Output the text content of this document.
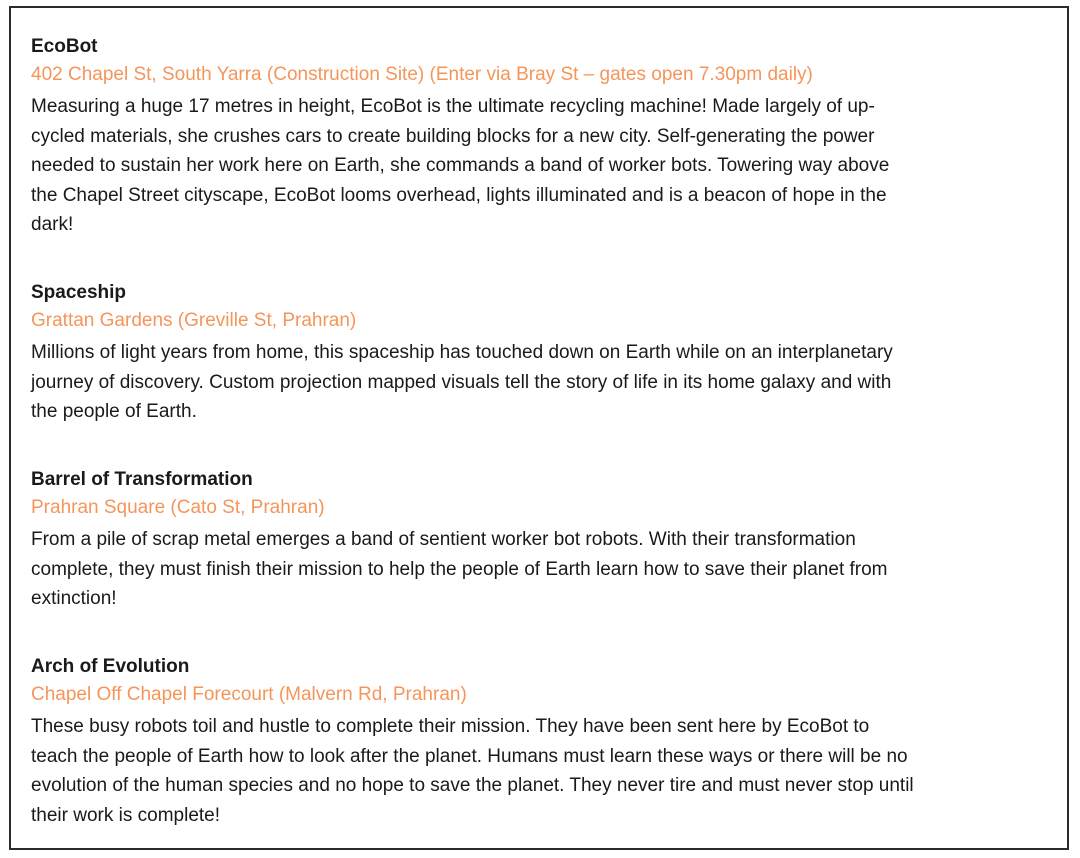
EcoBot
402 Chapel St, South Yarra (Construction Site) (Enter via Bray St – gates open 7.30pm daily)
Measuring a huge 17 metres in height, EcoBot is the ultimate recycling machine! Made largely of up-
cycled materials, she crushes cars to create building blocks for a new city. Self-generating the power
needed to sustain her work here on Earth, she commands a band of worker bots. Towering way above
the Chapel Street cityscape, EcoBot looms overhead, lights illuminated and is a beacon of hope in the
dark!
Spaceship
Grattan Gardens (Greville St, Prahran)
Millions of light years from home, this spaceship has touched down on Earth while on an interplanetary
journey of discovery. Custom projection mapped visuals tell the story of life in its home galaxy and with
the people of Earth.
Barrel of Transformation
Prahran Square (Cato St, Prahran)
From a pile of scrap metal emerges a band of sentient worker bot robots. With their transformation
complete, they must finish their mission to help the people of Earth learn how to save their planet from
extinction!
Arch of Evolution
Chapel Off Chapel Forecourt (Malvern Rd, Prahran)
These busy robots toil and hustle to complete their mission. They have been sent here by EcoBot to
teach the people of Earth how to look after the planet. Humans must learn these ways or there will be no
evolution of the human species and no hope to save the planet. They never tire and must never stop until
their work is complete!
